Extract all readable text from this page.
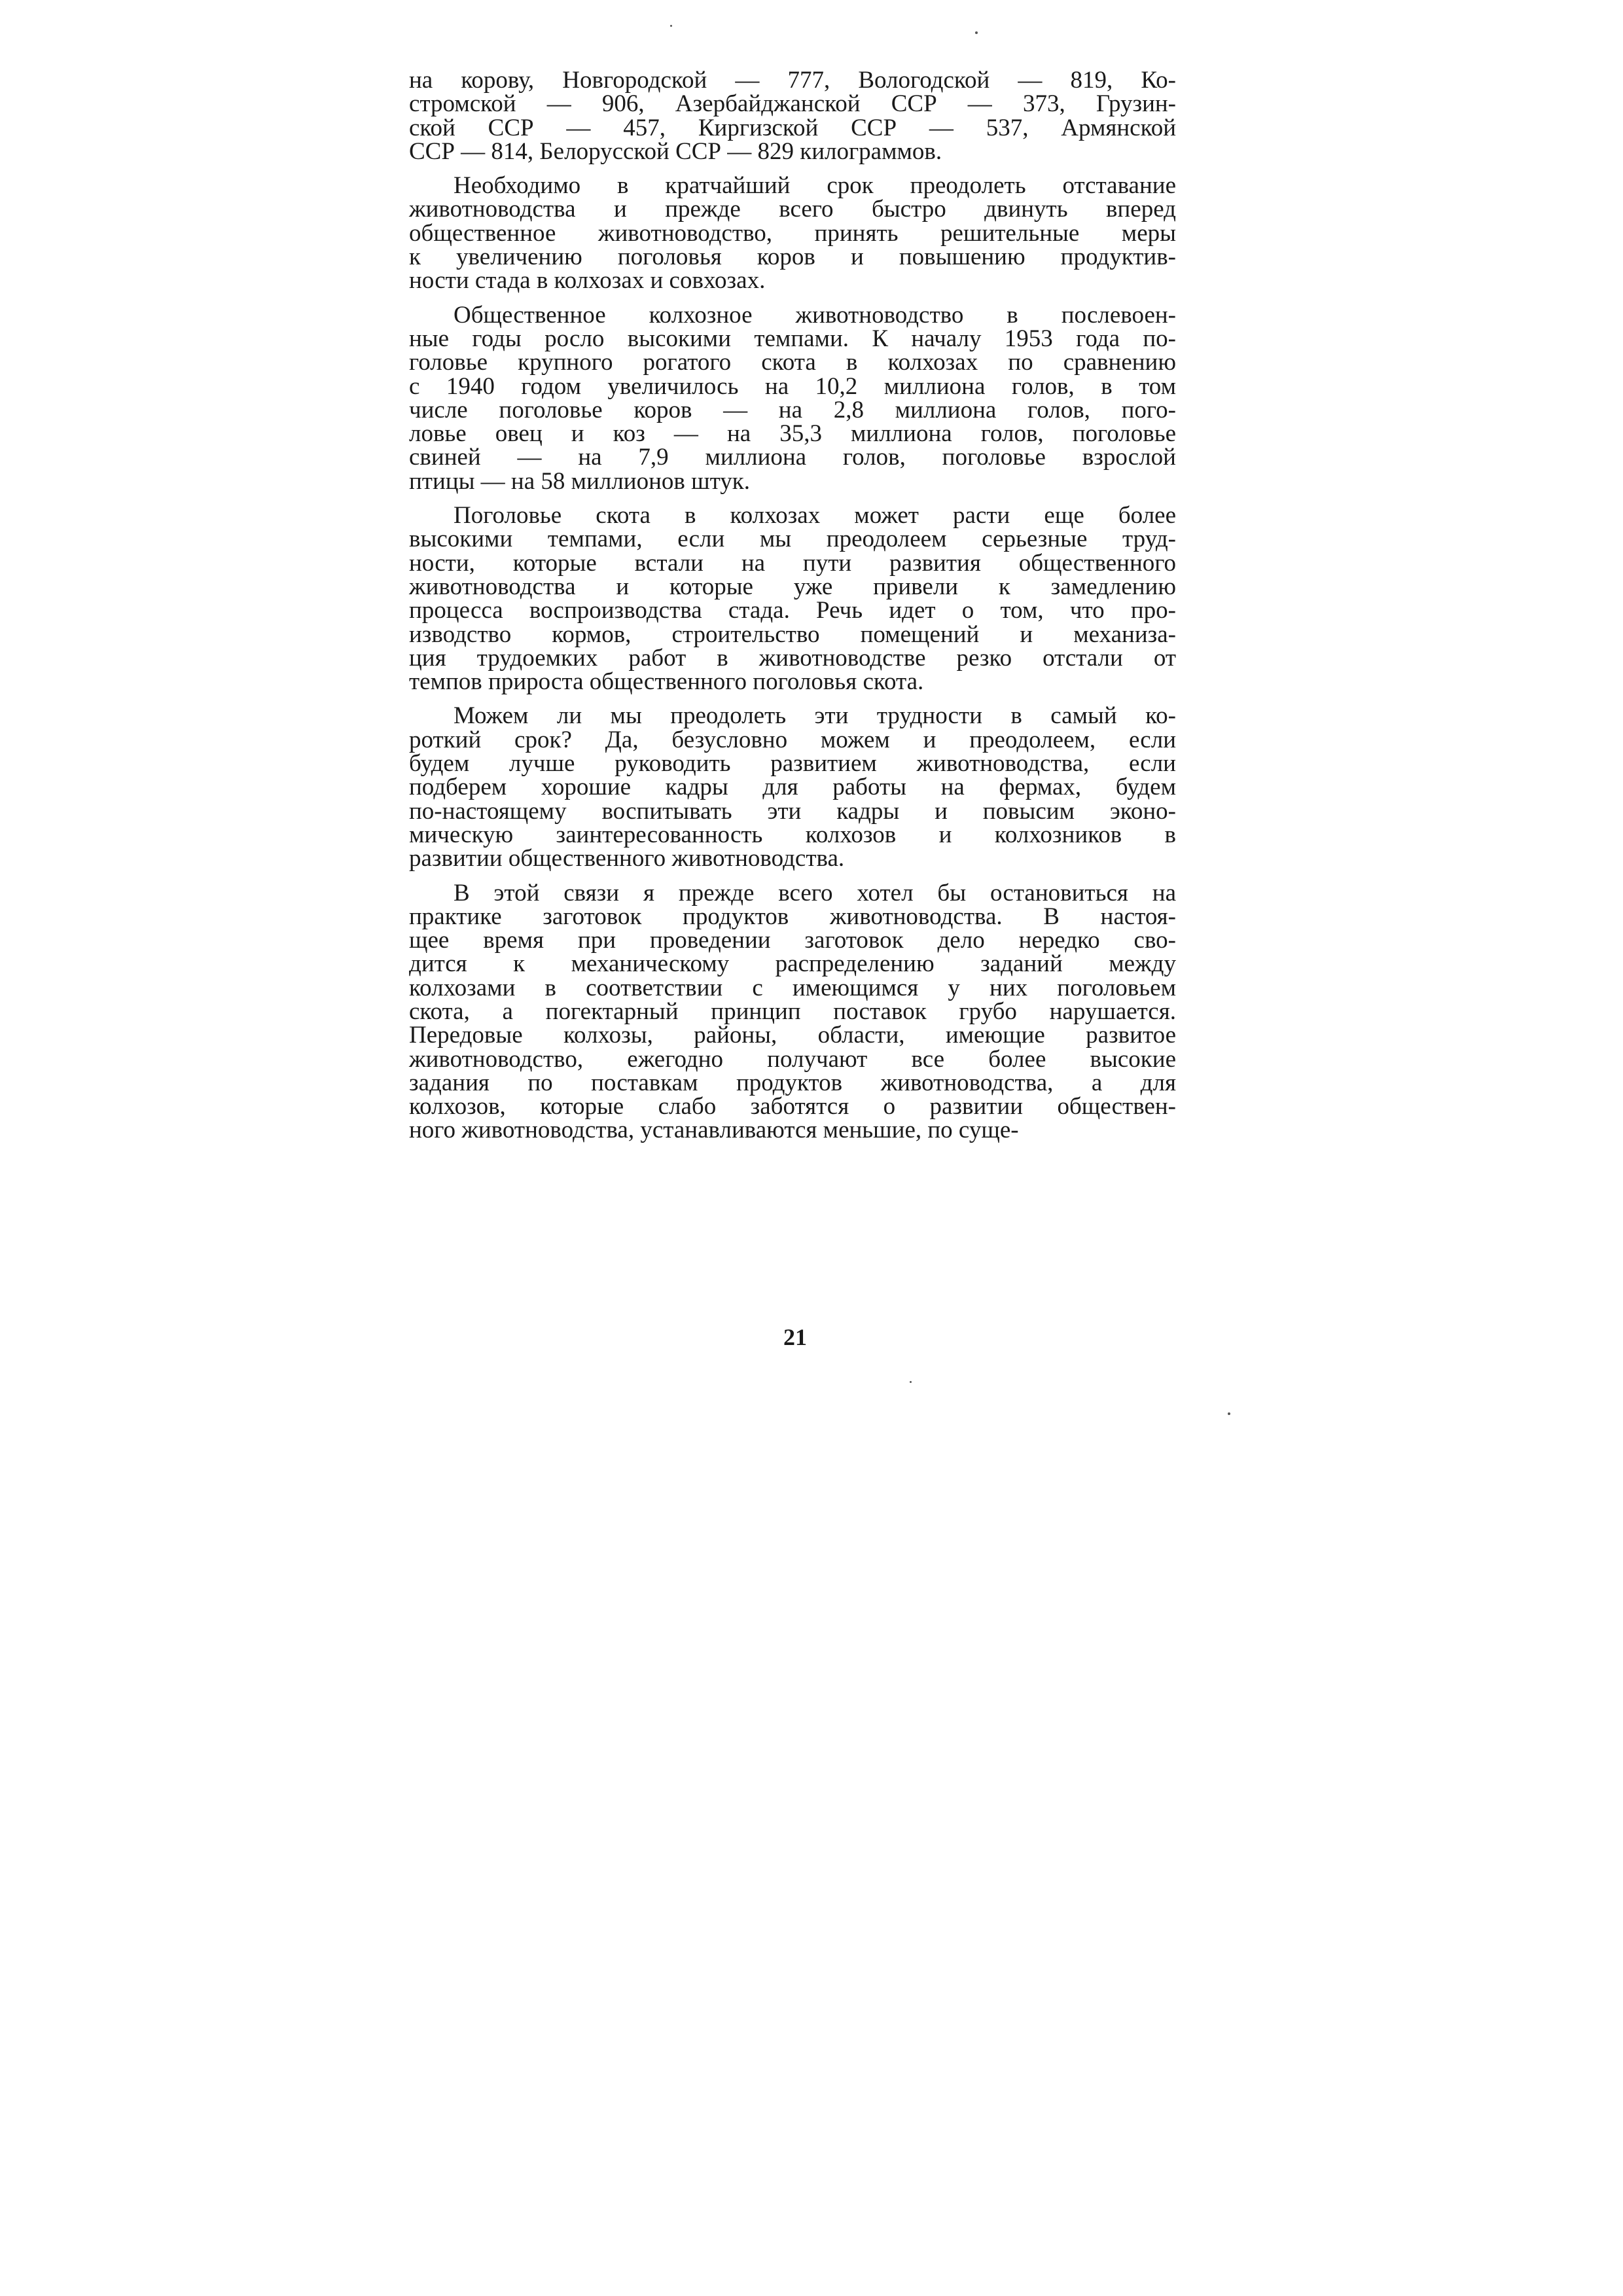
на корову, Новгородской — 777, Вологодской — 819, Ко-
стромской — 906, Азербайджанской ССР — 373, Грузин-
ской ССР — 457, Киргизской ССР — 537, Армянской
ССР — 814, Белорусской ССР — 829 килограммов.
Необходимо в кратчайший срок преодолеть отставание
животноводства и прежде всего быстро двинуть вперед
общественное животноводство, принять решительные меры
к увеличению поголовья коров и повышению продуктив-
ности стада в колхозах и совхозах.
Общественное колхозное животноводство в послевоен-
ные годы росло высокими темпами. К началу 1953 года по-
головье крупного рогатого скота в колхозах по сравнению
с 1940 годом увеличилось на 10,2 миллиона голов, в том
числе поголовье коров — на 2,8 миллиона голов, пого-
ловье овец и коз — на 35,3 миллиона голов, поголовье
свиней — на 7,9 миллиона голов, поголовье взрослой
птицы — на 58 миллионов штук.
Поголовье скота в колхозах может расти еще более
высокими темпами, если мы преодолеем серьезные труд-
ности, которые встали на пути развития общественного
животноводства и которые уже привели к замедлению
процесса воспроизводства стада. Речь идет о том, что про-
изводство кормов, строительство помещений и механиза-
ция трудоемких работ в животноводстве резко отстали от
темпов прироста общественного поголовья скота.
Можем ли мы преодолеть эти трудности в самый ко-
роткий срок? Да, безусловно можем и преодолеем, если
будем лучше руководить развитием животноводства, если
подберем хорошие кадры для работы на фермах, будем
по-настоящему воспитывать эти кадры и повысим эконо-
мическую заинтересованность колхозов и колхозников в
развитии общественного животноводства.
В этой связи я прежде всего хотел бы остановиться на
практике заготовок продуктов животноводства. В настоя-
щее время при проведении заготовок дело нередко сво-
дится к механическому распределению заданий между
колхозами в соответствии с имеющимся у них поголовьем
скота, а погектарный принцип поставок грубо нарушается.
Передовые колхозы, районы, области, имеющие развитое
животноводство, ежегодно получают все более высокие
задания по поставкам продуктов животноводства, а для
колхозов, которые слабо заботятся о развитии обществен-
ного животноводства, устанавливаются меньшие, по суще-
21
